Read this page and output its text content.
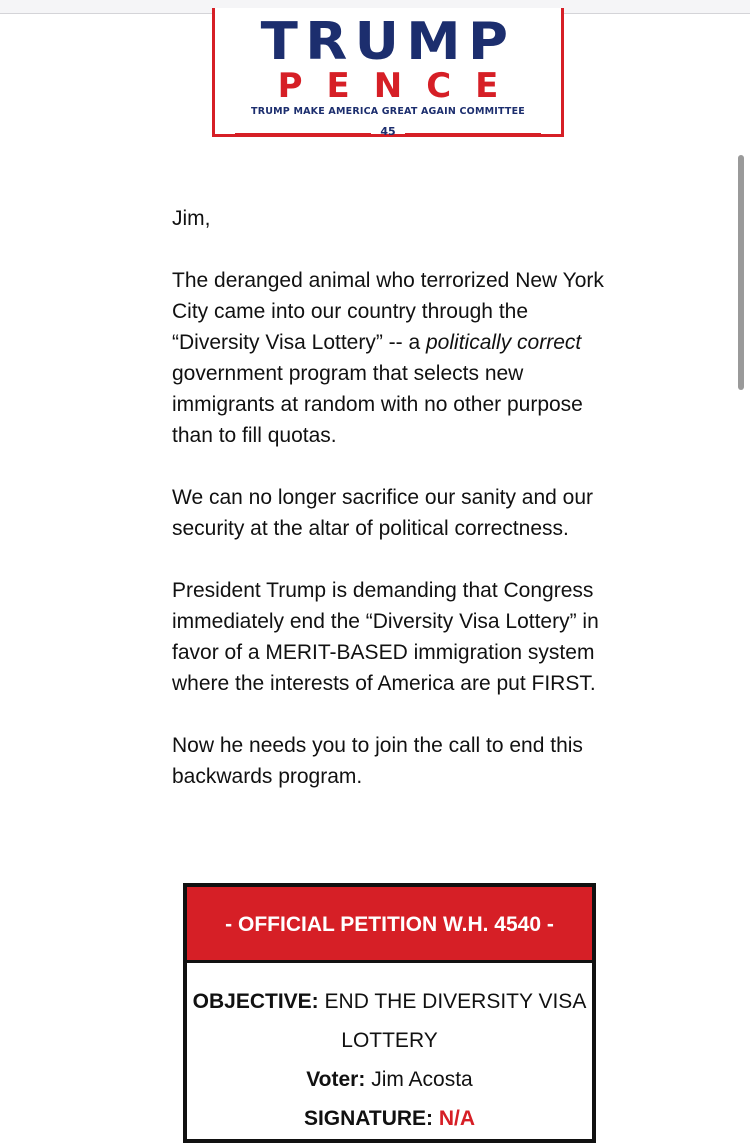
TRUMP
PENCE
TRUMP MAKE AMERICA GREAT AGAIN COMMITTEE
45

Jim,

The deranged animal who terrorized New York City came into our country through the “Diversity Visa Lottery” -- a politically correct government program that selects new immigrants at random with no other purpose than to fill quotas.

We can no longer sacrifice our sanity and our security at the altar of political correctness.

President Trump is demanding that Congress immediately end the “Diversity Visa Lottery” in favor of a MERIT-BASED immigration system where the interests of America are put FIRST.

Now he needs you to join the call to end this backwards program.

- OFFICIAL PETITION W.H. 4540 -
OBJECTIVE: END THE DIVERSITY VISA LOTTERY
Voter: Jim Acosta
SIGNATURE: N/A
